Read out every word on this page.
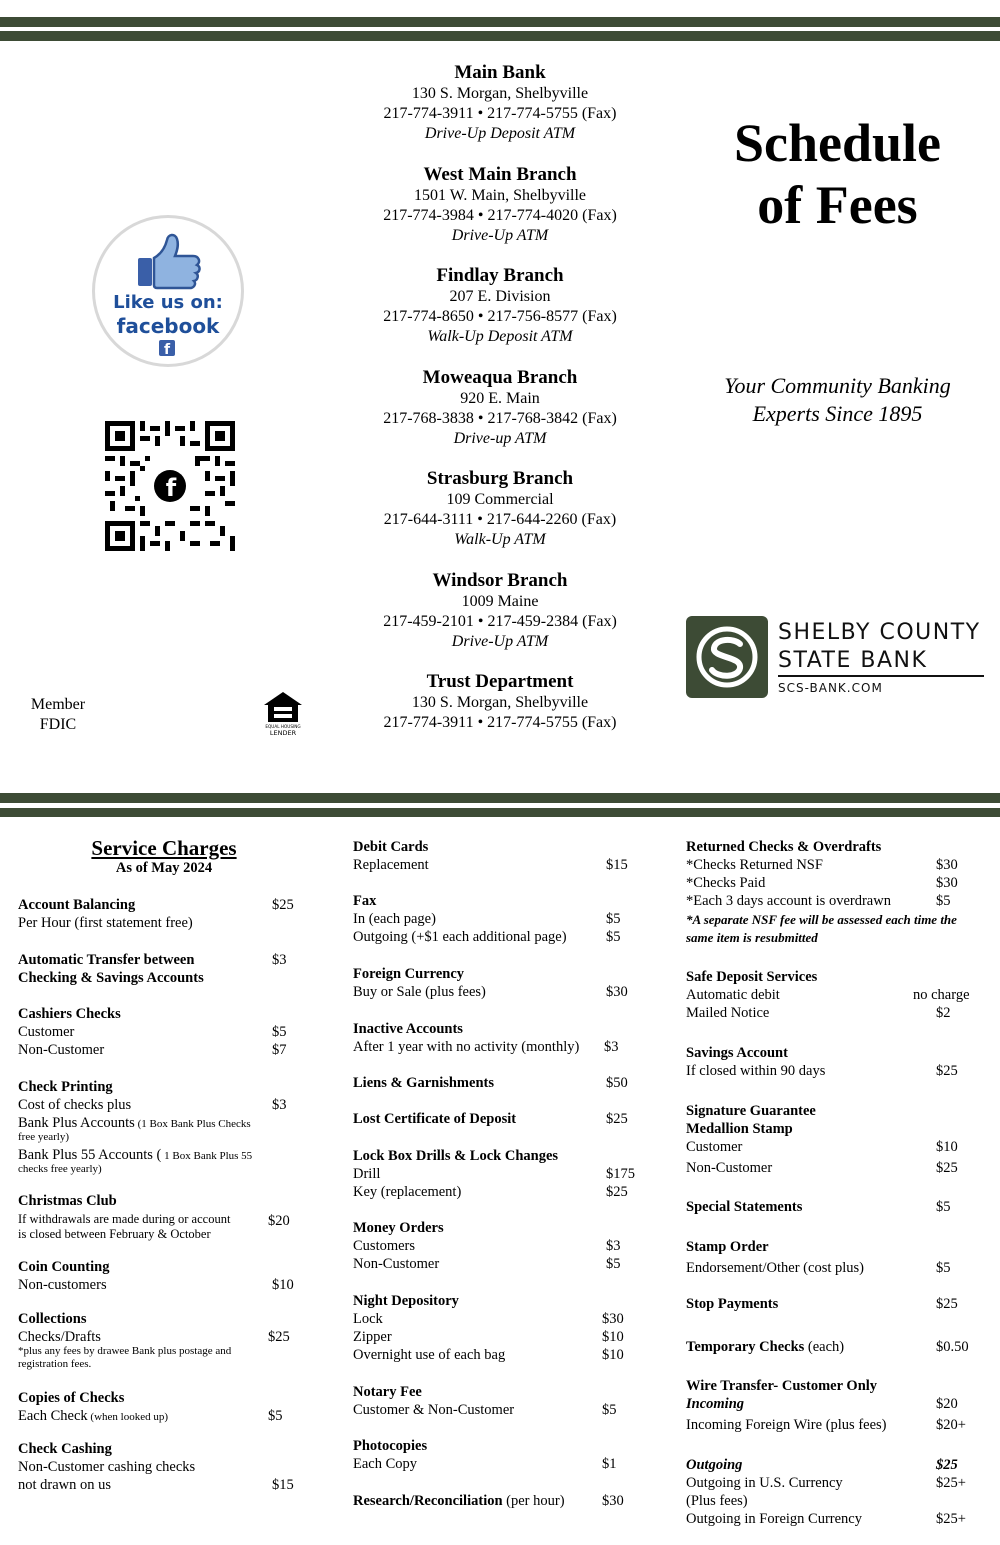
f
Like us on:
facebook
f
Member
FDIC	EQUAL HOUSING
LENDER
Main Bank
130 S. Morgan, Shelbyville
217-774-3911 • 217-774-5755 (Fax)
Drive-Up Deposit ATM
West Main Branch
1501 W. Main, Shelbyville
217-774-3984 • 217-774-4020 (Fax)
Drive-Up ATM
Findlay Branch
207 E. Division
217-774-8650 • 217-756-8577 (Fax)
Walk-Up Deposit ATM
Moweaqua Branch
920 E. Main
217-768-3838 • 217-768-3842 (Fax)
Drive-up ATM
Strasburg Branch
109 Commercial
217-644-3111 • 217-644-2260 (Fax)
Walk-Up ATM
Windsor Branch
1009 Maine
217-459-2101 • 217-459-2384 (Fax)
Drive-Up ATM
Trust Department
130 S. Morgan, Shelbyville
217-774-3911 • 217-774-5755 (Fax)
Schedule
of Fees
Your Community Banking
Experts Since 1895
SHELBY COUNTY
STATE BANK
SCS-BANK.COM
Service Charges
As of May 2024
Account Balancing	$25
Per Hour (first statement free)
Automatic Transfer between	$3
Checking & Savings Accounts
Cashiers Checks
Customer	$5
Non-Customer	$7
Check Printing
Cost of checks plus	$3
Bank Plus Accounts (1 Box Bank Plus Checks
free yearly)
Bank Plus 55 Accounts ( 1 Box Bank Plus 55
checks free yearly)
Christmas Club
If withdrawals are made during or account	$20
is closed between February & October
Coin Counting
Non-customers	$10
Collections
Checks/Drafts	$25
*plus any fees by drawee Bank plus postage and
registration fees.
Copies of Checks
Each Check (when looked up)	$5
Check Cashing
Non-Customer cashing checks
not drawn on us	$15
Debit Cards
Replacement	$15
Fax
In (each page)	$5
Outgoing (+$1 each additional page)	$5
Foreign Currency
Buy or Sale (plus fees)	$30
Inactive Accounts
After 1 year with no activity (monthly) $3
Liens & Garnishments	$50
Lost Certificate of Deposit	$25
Lock Box Drills & Lock Changes
Drill	$175
Key (replacement)	$25
Money Orders
Customers	$3
Non-Customer	$5
Night Depository
Lock	$30
Zipper	$10
Overnight use of each bag	$10
Notary Fee
Customer & Non-Customer	$5
Photocopies
Each Copy	$1
Research/Reconciliation (per hour)	$30
Returned Checks & Overdrafts
*Checks Returned NSF	$30
*Checks Paid	$30
*Each 3 days account is overdrawn	$5
*A separate NSF fee will be assessed each time the
same item is resubmitted
Safe Deposit Services
Automatic debit	no charge
Mailed Notice	$2
Savings Account
If closed within 90 days	$25
Signature Guarantee
Medallion Stamp
Customer	$10
Non-Customer	$25
Special Statements	$5
Stamp Order
Endorsement/Other (cost plus)	$5
Stop Payments	$25
Temporary Checks (each)	$0.50
Wire Transfer- Customer Only
Incoming	$20
Incoming Foreign Wire (plus fees)	$20+
Outgoing	$25
Outgoing in U.S. Currency	$25+
(Plus fees)
Outgoing in Foreign Currency	$25+
